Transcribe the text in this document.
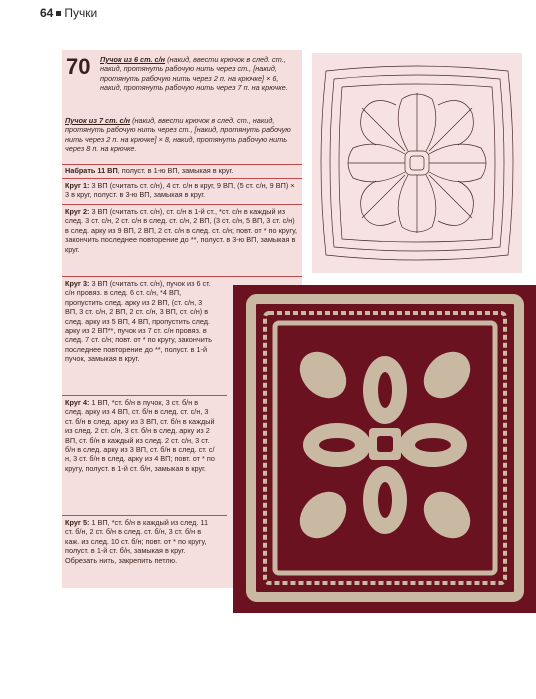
64 Пучки
70 Пучок из 6 ст. с/н (накид, ввести крючок в след. ст., накид, протянуть рабочую нить через ст., [накид, протянуть рабочую нить через 2 п. на крючке] × 6, накид, протянуть рабочую нить через 7 п. на крючке.
Пучок из 7 ст. с/н (накид, ввести крючок в след. ст., накид, протянуть рабочую нить через ст., [накид, протянуть рабочую нить через 2 п. на крючке] × 8, накид, протянуть рабочую нить через 8 п. на крючке.
Набрать 11 ВП, полуст. в 1-ю ВП, замыкая в круг.
Круг 1: 3 ВП (считать ст. с/н), 4 ст. с/н в круг, 9 ВП, (5 ст. с/н, 9 ВП) × 3 в круг, полуст. в 3-ю ВП, замыкая в круг.
Круг 2: 3 ВП (считать ст. с/н), ст. с/н в 1-й ст., *ст. с/н в каждый из след. 3 ст. с/н, 2 ст. с/н в след. ст. с/н, 2 ВП, (3 ст. с/н, 5 ВП, 3 ст. с/н) в след. арку из 9 ВП, 2 ВП, 2 ст. с/н в след. ст. с/н; повт. от * по кругу, закончить последнее повторение до **, полуст. в 3-ю ВП, замыкая в круг.
Круг 3: 3 ВП (считать ст. с/н), пучок из 6 ст. с/н провяз. в след. 6 ст. с/н, *4 ВП, пропустить след. арку из 2 ВП, (ст. с/н, 3 ВП, 3 ст. с/н, 2 ВП, 2 ст. с/н, 3 ВП, ст. с/н) в след. арку из 5 ВП, 4 ВП, пропустить след. арку из 2 ВП**, пучок из 7 ст. с/н провяз. в след. 7 ст. с/н; повт. от * по кругу, закончить последнее повторение до **, полуст. в 1-й пучок, замыкая в круг.
Круг 4: 1 ВП, *ст. б/н в пучок, 3 ст. б/н в след. арку из 4 ВП, ст. б/н в след. ст. с/н, 3 ст. б/н в след. арку из 3 ВП, ст. б/н в каждый из след. 2 ст. с/н, 3 ст. б/н в след. арку из 2 ВП, ст. б/н в каждый из след. 2 ст. с/н, 3 ст. б/н в след. арку из 3 ВП, ст. б/н в след. ст. с/н, 3 ст. б/н в след. арку из 4 ВП; повт. от * по кругу, полуст. в 1-й ст. б/н, замыкая в круг.
Круг 5: 1 ВП, *ст. б/н в каждый из след. 11 ст. б/н, 2 ст. б/н в след. ст. б/н, 3 ст. б/н в каж. из след. 10 ст. б/н; повт. от * по кругу, полуст. в 1-й ст. б/н, замыкая в круг. Обрезать нить, закрепить петлю.
